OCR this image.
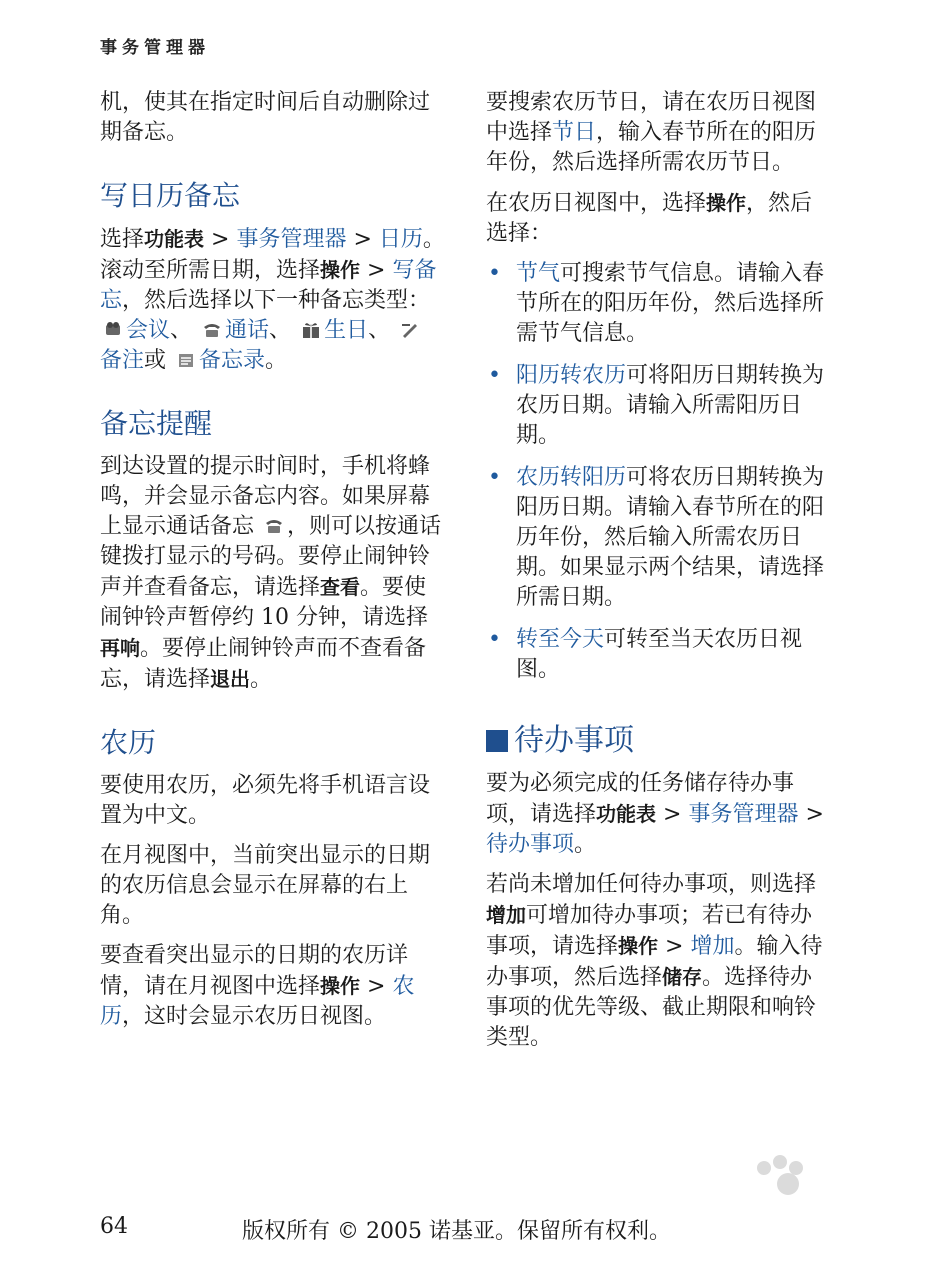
事务管理器

机，使其在指定时间后自动删除过期备忘。

写日历备忘

选择功能表 > 事务管理器 > 日历。滚动至所需日期，选择操作 > 写备忘，然后选择以下一种备忘类型： 会议、 通话、 生日、 备注或 备忘录。

备忘提醒

到达设置的提示时间时，手机将蜂鸣，并会显示备忘内容。如果屏幕上显示通话备忘 ，则可以按通话键拨打显示的号码。要停止闹钟铃声并查看备忘，请选择查看。要使闹钟铃声暂停约 10 分钟，请选择再响。要停止闹钟铃声而不查看备忘，请选择退出。

农历

要使用农历，必须先将手机语言设置为中文。

在月视图中，当前突出显示的日期的农历信息会显示在屏幕的右上角。

要查看突出显示的日期的农历详情，请在月视图中选择操作 > 农历，这时会显示农历日视图。

要搜索农历节日，请在农历日视图中选择节日，输入春节所在的阳历年份，然后选择所需农历节日。

在农历日视图中，选择操作，然后选择：

• 节气可搜索节气信息。请输入春节所在的阳历年份，然后选择所需节气信息。
• 阳历转农历可将阳历日期转换为农历日期。请输入所需阳历日期。
• 农历转阳历可将农历日期转换为阳历日期。请输入春节所在的阳历年份，然后输入所需农历日期。如果显示两个结果，请选择所需日期。
• 转至今天可转至当天农历日视图。
待办事项

要为必须完成的任务储存待办事项，请选择功能表 > 事务管理器 > 待办事项。

若尚未增加任何待办事项，则选择增加可增加待办事项；若已有待办事项，请选择操作 > 增加。输入待办事项，然后选择储存。选择待办事项的优先等级、截止期限和响铃类型。

64	版权所有 © 2005 诺基亚。保留所有权利。
